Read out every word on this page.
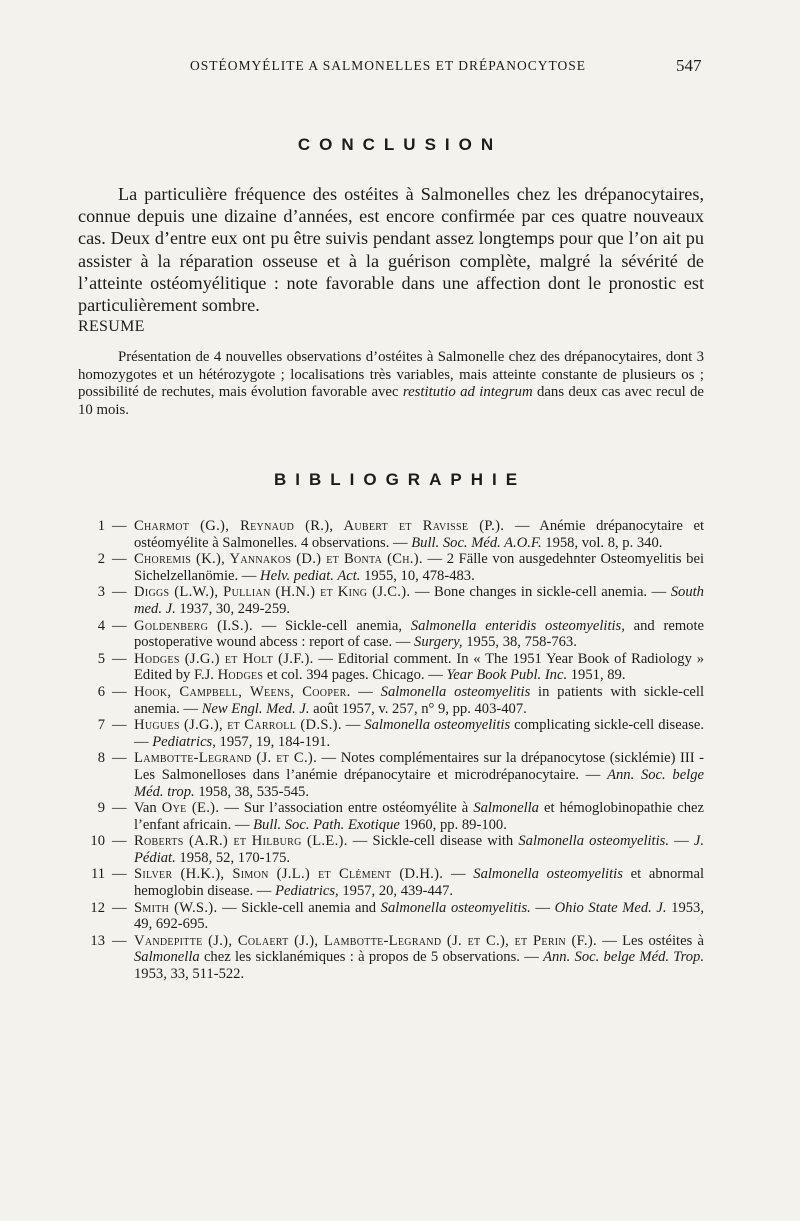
OSTÉOMYÉLITE A SALMONELLES ET DRÉPANOCYTOSE	547
CONCLUSION

La particulière fréquence des ostéites à Salmonelles chez les drépanocytaires, connue depuis une dizaine d’années, est encore confirmée par ces quatre nouveaux cas. Deux d’entre eux ont pu être suivis pendant assez longtemps pour que l’on ait pu assister à la réparation osseuse et à la guérison complète, malgré la sévérité de l’atteinte ostéomyélitique : note favorable dans une affection dont le pronostic est particulièrement sombre.

RESUME

Présentation de 4 nouvelles observations d’ostéites à Salmonelle chez des drépanocytaires, dont 3 homozygotes et un hétérozygote ; localisations très variables, mais atteinte constante de plusieurs os ; possibilité de rechutes, mais évolution favorable avec restitutio ad integrum dans deux cas avec recul de 10 mois.

BIBLIOGRAPHIE
1 — Charmot (G.), Reynaud (R.), Aubert et Ravisse (P.). — Anémie drépanocytaire et ostéomyélite à Salmonelles. 4 observations. — Bull. Soc. Méd. A.O.F. 1958, vol. 8, p. 340.
2 — Choremis (K.), Yannakos (D.) et Bonta (Ch.). — 2 Fälle von ausgedehnter Osteomyelitis bei Sichelzellanömie. — Helv. pediat. Act. 1955, 10, 478-483.
3 — Diggs (L.W.), Pullian (H.N.) et King (J.C.). — Bone changes in sickle-cell anemia. — South med. J. 1937, 30, 249-259.
4 — Goldenberg (I.S.). — Sickle-cell anemia, Salmonella enteridis osteomyelitis, and remote postoperative wound abcess : report of case. — Surgery, 1955, 38, 758-763.
5 — Hodges (J.G.) et Holt (J.F.). — Editorial comment. In « The 1951 Year Book of Radiology » Edited by F.J. Hodges et col. 394 pages. Chicago. — Year Book Publ. Inc. 1951, 89.
6 — Hook, Campbell, Weens, Cooper. — Salmonella osteomyelitis in patients with sickle-cell anemia. — New Engl. Med. J. août 1957, v. 257, n° 9, pp. 403-407.
7 — Hugues (J.G.), et Carroll (D.S.). — Salmonella osteomyelitis complicating sickle-cell disease. — Pediatrics, 1957, 19, 184-191.
8 — Lambotte-Legrand (J. et C.). — Notes complémentaires sur la drépanocytose (sicklémie) III - Les Salmonelloses dans l’anémie drépanocytaire et microdrépanocytaire. — Ann. Soc. belge Méd. trop. 1958, 38, 535-545.
9 — Van Oye (E.). — Sur l’association entre ostéomyélite à Salmonella et hémoglobinopathie chez l’enfant africain. — Bull. Soc. Path. Exotique 1960, pp. 89-100.
10 — Roberts (A.R.) et Hilburg (L.E.). — Sickle-cell disease with Salmonella osteomyelitis. — J. Pédiat. 1958, 52, 170-175.
11 — Silver (H.K.), Simon (J.L.) et Clément (D.H.). — Salmonella osteomyelitis et abnormal hemoglobin disease. — Pediatrics, 1957, 20, 439-447.
12 — Smith (W.S.). — Sickle-cell anemia and Salmonella osteomyelitis. — Ohio State Med. J. 1953, 49, 692-695.
13 — Vandepitte (J.), Colaert (J.), Lambotte-Legrand (J. et C.), et Perin (F.). — Les ostéites à Salmonella chez les sicklanémiques : à propos de 5 observations. — Ann. Soc. belge Méd. Trop. 1953, 33, 511-522.
